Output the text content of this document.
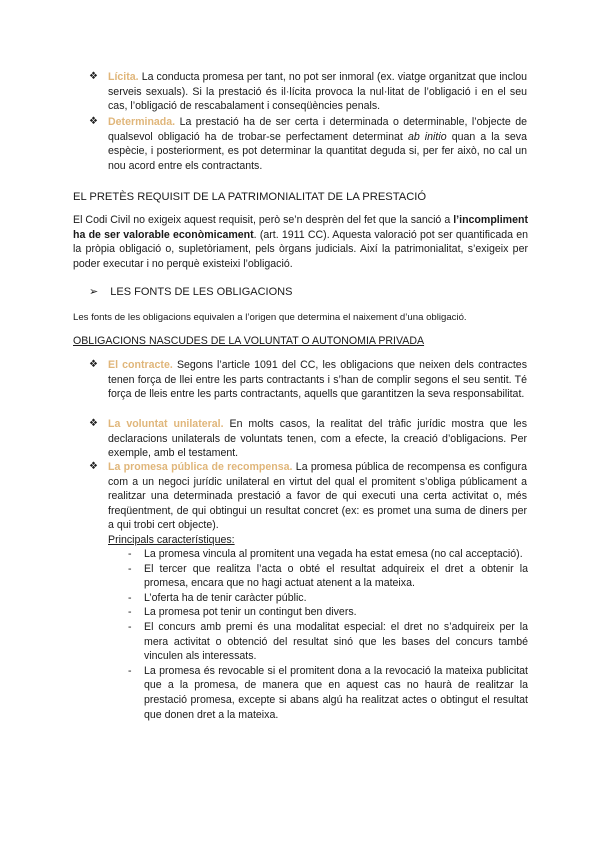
❖ Lícita. La conducta promesa per tant, no pot ser inmoral (ex. viatge organitzat que inclou serveis sexuals). Si la prestació és il·lícita provoca la nul·litat de l’obligació i en el seu cas, l’obligació de rescabalament i conseqüències penals.
❖ Determinada. La prestació ha de ser certa i determinada o determinable, l’objecte de qualsevol obligació ha de trobar-se perfectament determinat ab initio quan a la seva espècie, i posteriorment, es pot determinar la quantitat deguda si, per fer això, no cal un nou acord entre els contractants.
EL PRETÈS REQUISIT DE LA PATRIMONIALITAT DE LA PRESTACIÓ
El Codi Civil no exigeix aquest requisit, però se’n desprèn del fet que la sanció a l’incompliment ha de ser valorable econòmicament. (art. 1911 CC). Aquesta valoració pot ser quantificada en la pròpia obligació o, supletòriament, pels òrgans judicials. Així la patrimonialitat, s’exigeix per poder executar i no perquè existeixi l’obligació.
➢ LES FONTS DE LES OBLIGACIONS
Les fonts de les obligacions equivalen a l’origen que determina el naixement d’una obligació.
OBLIGACIONS NASCUDES DE LA VOLUNTAT O AUTONOMIA PRIVADA
❖ El contracte. Segons l’article 1091 del CC, les obligacions que neixen dels contractes tenen força de llei entre les parts contractants i s’han de complir segons el seu sentit. Té força de lleis entre les parts contractants, aquells que garantitzen la seva responsabilitat.
❖ La voluntat unilateral. En molts casos, la realitat del tràfic jurídic mostra que les declaracions unilaterals de voluntats tenen, com a efecte, la creació d’obligacions. Per exemple, amb el testament.
❖ La promesa pública de recompensa. La promesa pública de recompensa es configura com a un negoci jurídic unilateral en virtut del qual el promitent s’obliga públicament a realitzar una determinada prestació a favor de qui executi una certa activitat o, més freqüentment, de qui obtingui un resultat concret (ex: es promet una suma de diners per a qui trobi cert objecte).
Principals característiques:
- La promesa vincula al promitent una vegada ha estat emesa (no cal acceptació).
- El tercer que realitza l’acta o obté el resultat adquireix el dret a obtenir la promesa, encara que no hagi actuat atenent a la mateixa.
- L’oferta ha de tenir caràcter públic.
- La promesa pot tenir un contingut ben divers.
- El concurs amb premi és una modalitat especial: el dret no s’adquireix per la mera activitat o obtenció del resultat sinó que les bases del concurs també vinculen als interessats.
- La promesa és revocable si el promitent dona a la revocació la mateixa publicitat que a la promesa, de manera que en aquest cas no haurà de realitzar la prestació promesa, excepte si abans algú ha realitzat actes o obtingut el resultat que donen dret a la mateixa.
